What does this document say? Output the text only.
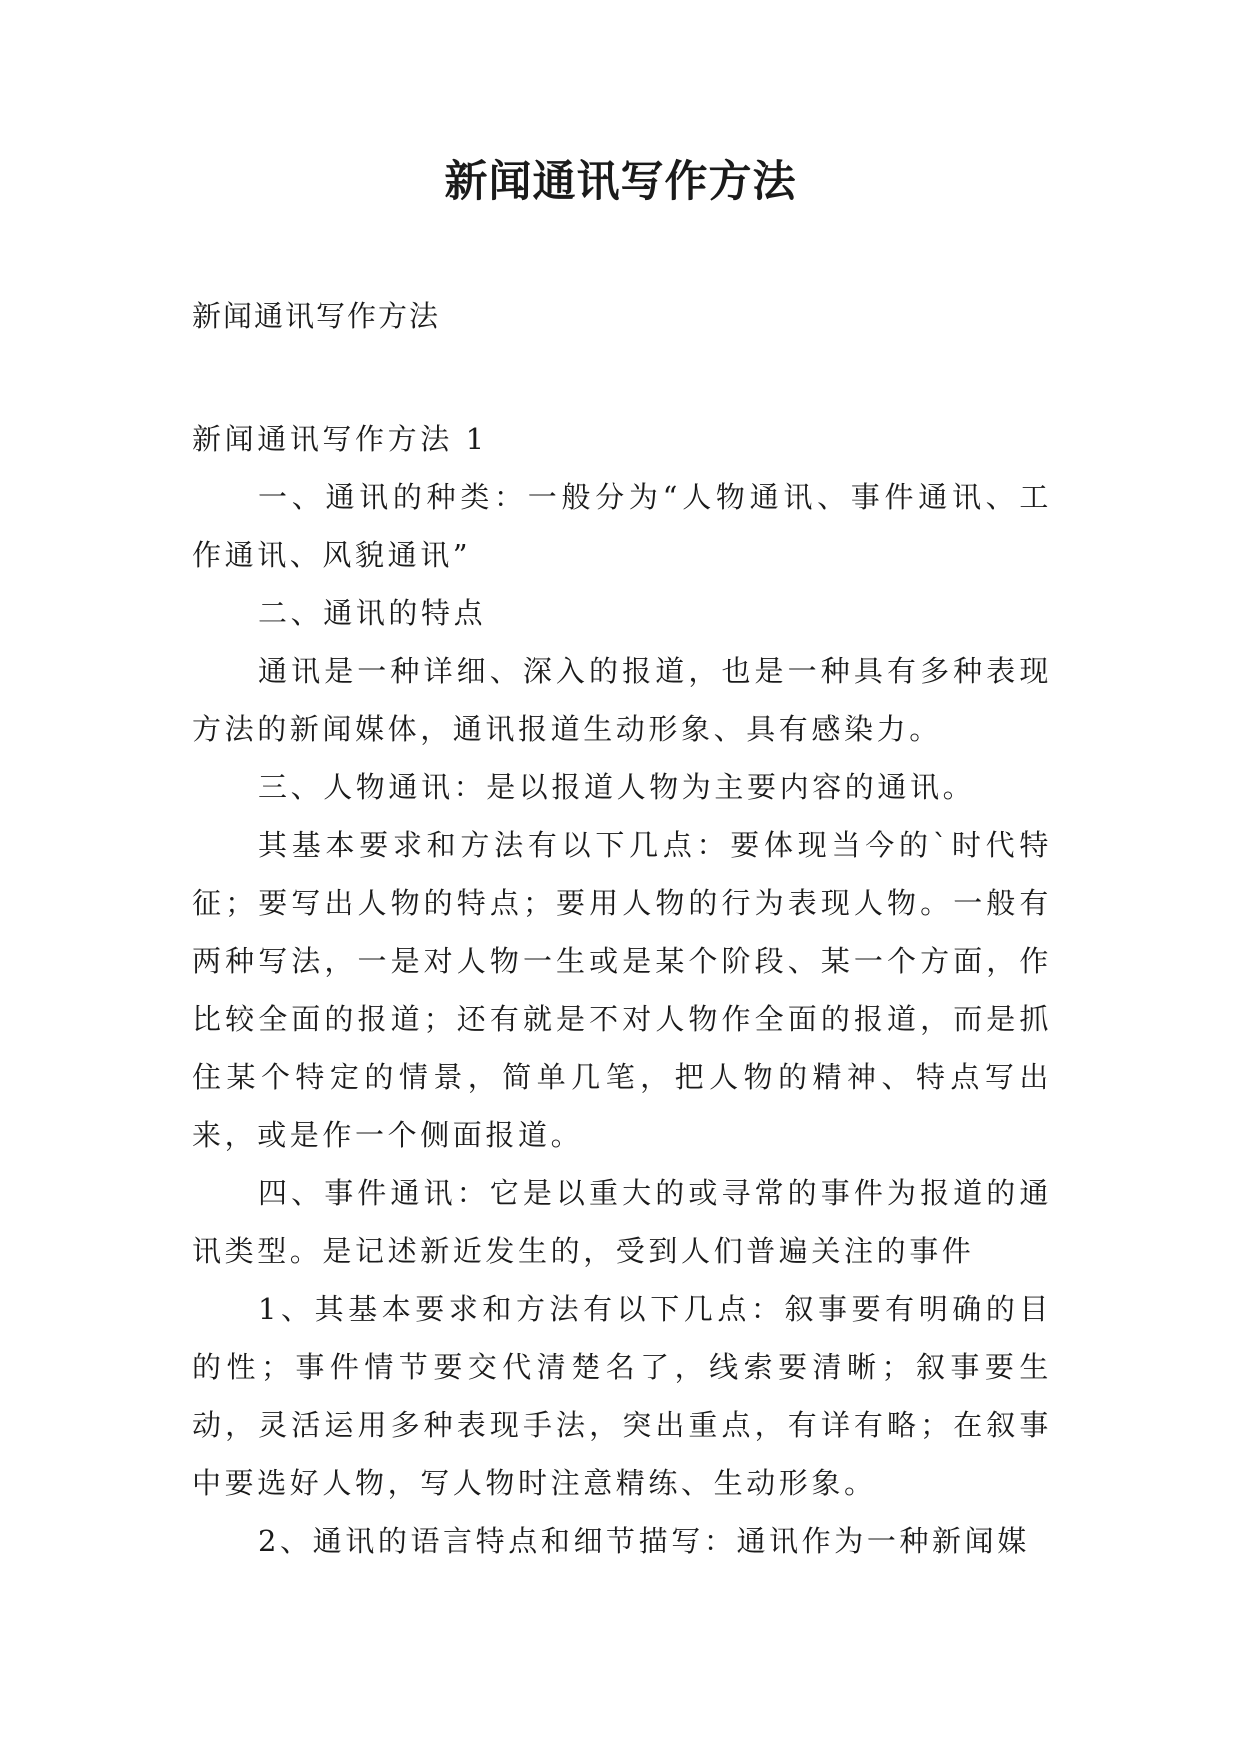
新闻通讯写作方法
新闻通讯写作方法

新闻通讯写作方法 1

一、通讯的种类：一般分为“人物通讯、事件通讯、工作通讯、风貌通讯”

二、通讯的特点

通讯是一种详细、深入的报道，也是一种具有多种表现方法的新闻媒体，通讯报道生动形象、具有感染力。

三、人物通讯：是以报道人物为主要内容的通讯。

其基本要求和方法有以下几点：要体现当今的`时代特征；要写出人物的特点；要用人物的行为表现人物。一般有两种写法，一是对人物一生或是某个阶段、某一个方面，作比较全面的报道；还有就是不对人物作全面的报道，而是抓住某个特定的情景，简单几笔，把人物的精神、特点写出来，或是作一个侧面报道。

四、事件通讯：它是以重大的或寻常的事件为报道的通讯类型。是记述新近发生的，受到人们普遍关注的事件

1、其基本要求和方法有以下几点：叙事要有明确的目的性；事件情节要交代清楚名了，线索要清晰；叙事要生动，灵活运用多种表现手法，突出重点，有详有略；在叙事中要选好人物，写人物时注意精练、生动形象。

2、通讯的语言特点和细节描写：通讯作为一种新闻媒
